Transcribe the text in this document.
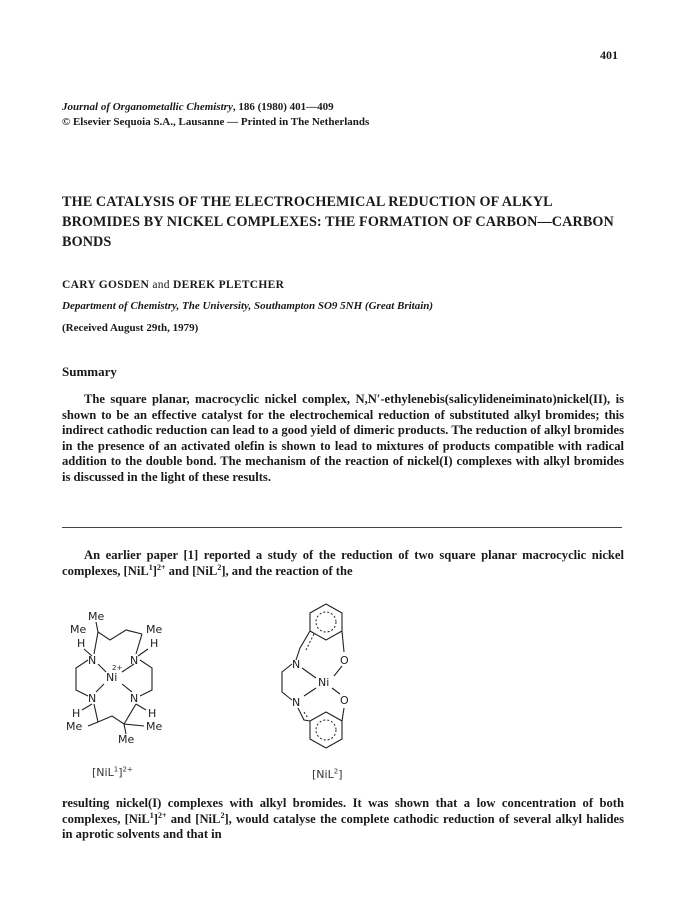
401
Journal of Organometallic Chemistry, 186 (1980) 401—409
© Elsevier Sequoia S.A., Lausanne — Printed in The Netherlands
THE CATALYSIS OF THE ELECTROCHEMICAL REDUCTION OF ALKYL BROMIDES BY NICKEL COMPLEXES: THE FORMATION OF CARBON—CARBON BONDS
CARY GOSDEN and DEREK PLETCHER
Department of Chemistry, The University, Southampton SO9 5NH (Great Britain)
(Received August 29th, 1979)
Summary

The square planar, macrocyclic nickel complex, N,N′-ethylenebis(salicylideneiminato)nickel(II), is shown to be an effective catalyst for the electrochemical reduction of substituted alkyl bromides; this indirect cathodic reduction can lead to a good yield of dimeric products. The reduction of alkyl bromides in the presence of an activated olefin is shown to lead to mixtures of products compatible with radical addition to the double bond. The mechanism of the reaction of nickel(I) complexes with alkyl bromides is discussed in the light of these results.

An earlier paper [1] reported a study of the reduction of two square planar macrocyclic nickel complexes, $[NiL^1]^{2+}$ and [NiL$^2$], and the reaction of the

Me
Me	Me
H	H
N	N
2+
Ni
N	N
H	H
Me	Me
Me
N	O
Ni
N	O
$[NiL^1]^{2+}$	[NiL$^2$]

resulting nickel(I) complexes with alkyl bromides. It was shown that a low concentration of both complexes, $[NiL^1]^{2+}$ and [NiL$^2$], would catalyse the complete cathodic reduction of several alkyl halides in aprotic solvents and that in
